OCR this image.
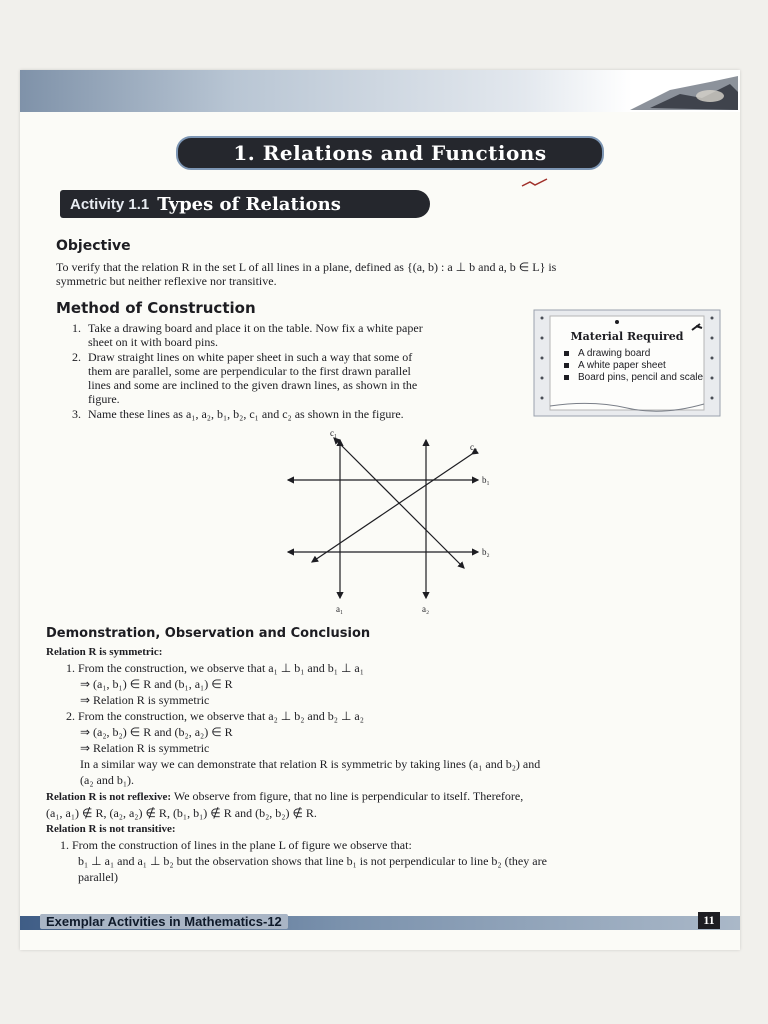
1. Relations and Functions
Activity 1.1 Types of Relations
Objective
To verify that the relation R in the set L of all lines in a plane, defined as {(a, b) : a ⊥ b and a, b ∈ L} is
symmetric but neither reflexive nor transitive.
Method of Construction
1. Take a drawing board and place it on the table. Now fix a white paper
sheet on it with board pins.
2. Draw straight lines on white paper sheet in such a way that some of
them are parallel, some are perpendicular to the first drawn parallel
lines and some are inclined to the given drawn lines, as shown in the
figure.
3. Name these lines as a₁, a₂, b₁, b₂, c₁ and c₂ as shown in the figure.
Material Required
A drawing board
A white paper sheet
Board pins, pencil and scale
c₁
c₂
b₁
b₂
a₁	a₂
Demonstration, Observation and Conclusion
Relation R is symmetric:
1. From the construction, we observe that a₁ ⊥ b₁ and b₁ ⊥ a₁
⇒ (a₁, b₁) ∈ R and (b₁, a₁) ∈ R
⇒ Relation R is symmetric
2. From the construction, we observe that a₂ ⊥ b₂ and b₂ ⊥ a₂
⇒ (a₂, b₂) ∈ R and (b₂, a₂) ∈ R
⇒ Relation R is symmetric
In a similar way we can demonstrate that relation R is symmetric by taking lines (a₁ and b₂) and
(a₂ and b₁).
Relation R is not reflexive: We observe from figure, that no line is perpendicular to itself. Therefore,
(a₁, a₁) ∉ R, (a₂, a₂) ∉ R, (b₁, b₁) ∉ R and (b₂, b₂) ∉ R.
Relation R is not transitive:
1. From the construction of lines in the plane L of figure we observe that:
b₁ ⊥ a₁ and a₁ ⊥ b₂ but the observation shows that line b₁ is not perpendicular to line b₂ (they are
parallel)
Exemplar Activities in Mathematics-12	11
